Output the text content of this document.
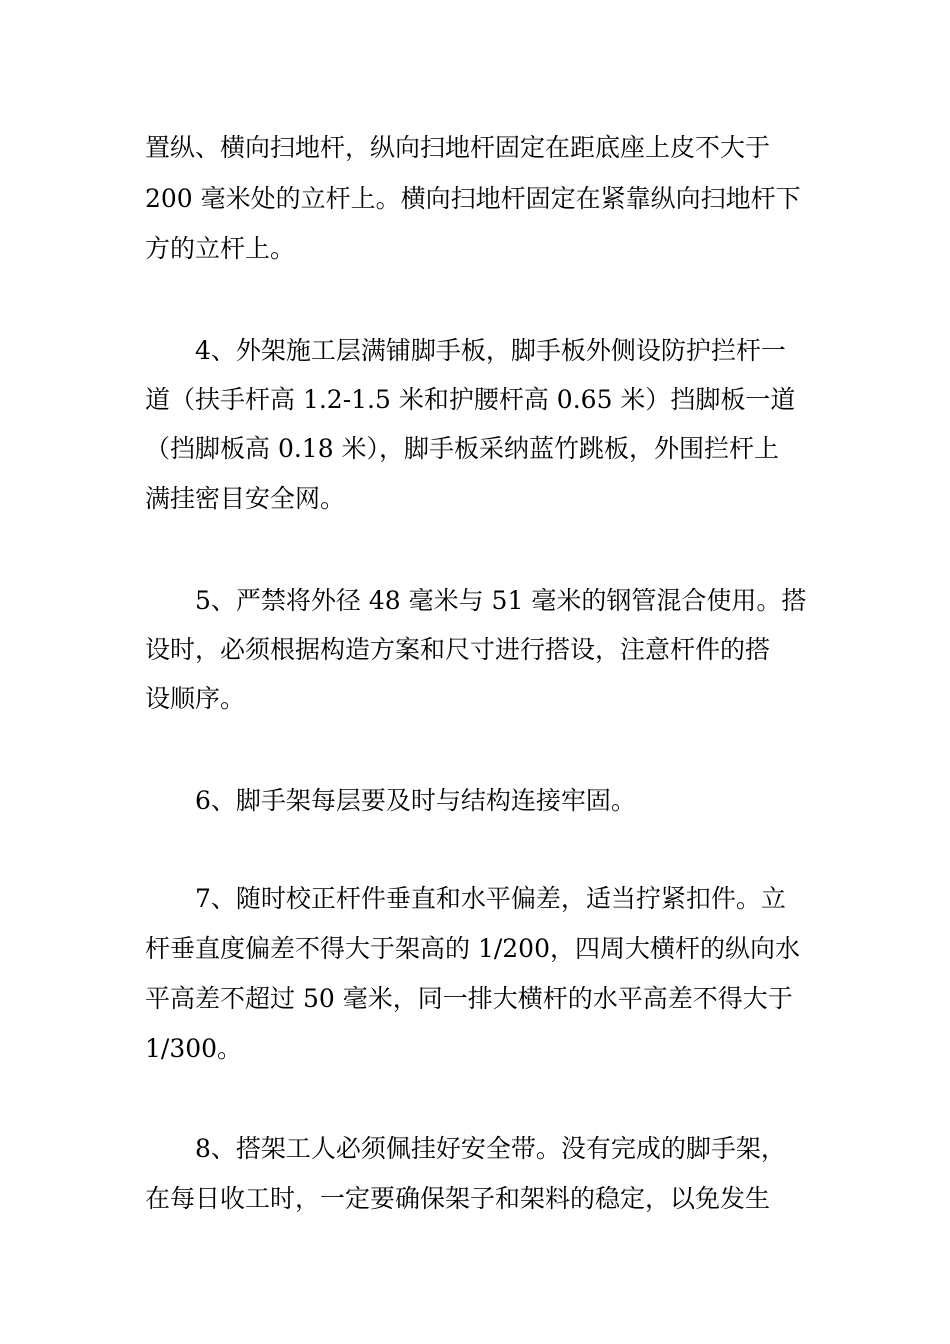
置纵、横向扫地杆，纵向扫地杆固定在距底座上皮不大于
200 毫米处的立杆上。横向扫地杆固定在紧靠纵向扫地杆下
方的立杆上。
4、外架施工层满铺脚手板，脚手板外侧设防护拦杆一
道（扶手杆高 1.2-1.5 米和护腰杆高 0.65 米）挡脚板一道
（挡脚板高 0.18 米），脚手板采纳蓝竹跳板，外围拦杆上
满挂密目安全网。
5、严禁将外径 48 毫米与 51 毫米的钢管混合使用。搭
设时，必须根据构造方案和尺寸进行搭设，注意杆件的搭
设顺序。
6、脚手架每层要及时与结构连接牢固。
7、随时校正杆件垂直和水平偏差，适当拧紧扣件。立
杆垂直度偏差不得大于架高的 1/200，四周大横杆的纵向水
平高差不超过 50 毫米，同一排大横杆的水平高差不得大于
1/300。
8、搭架工人必须佩挂好安全带。没有完成的脚手架，
在每日收工时，一定要确保架子和架料的稳定，以免发生
